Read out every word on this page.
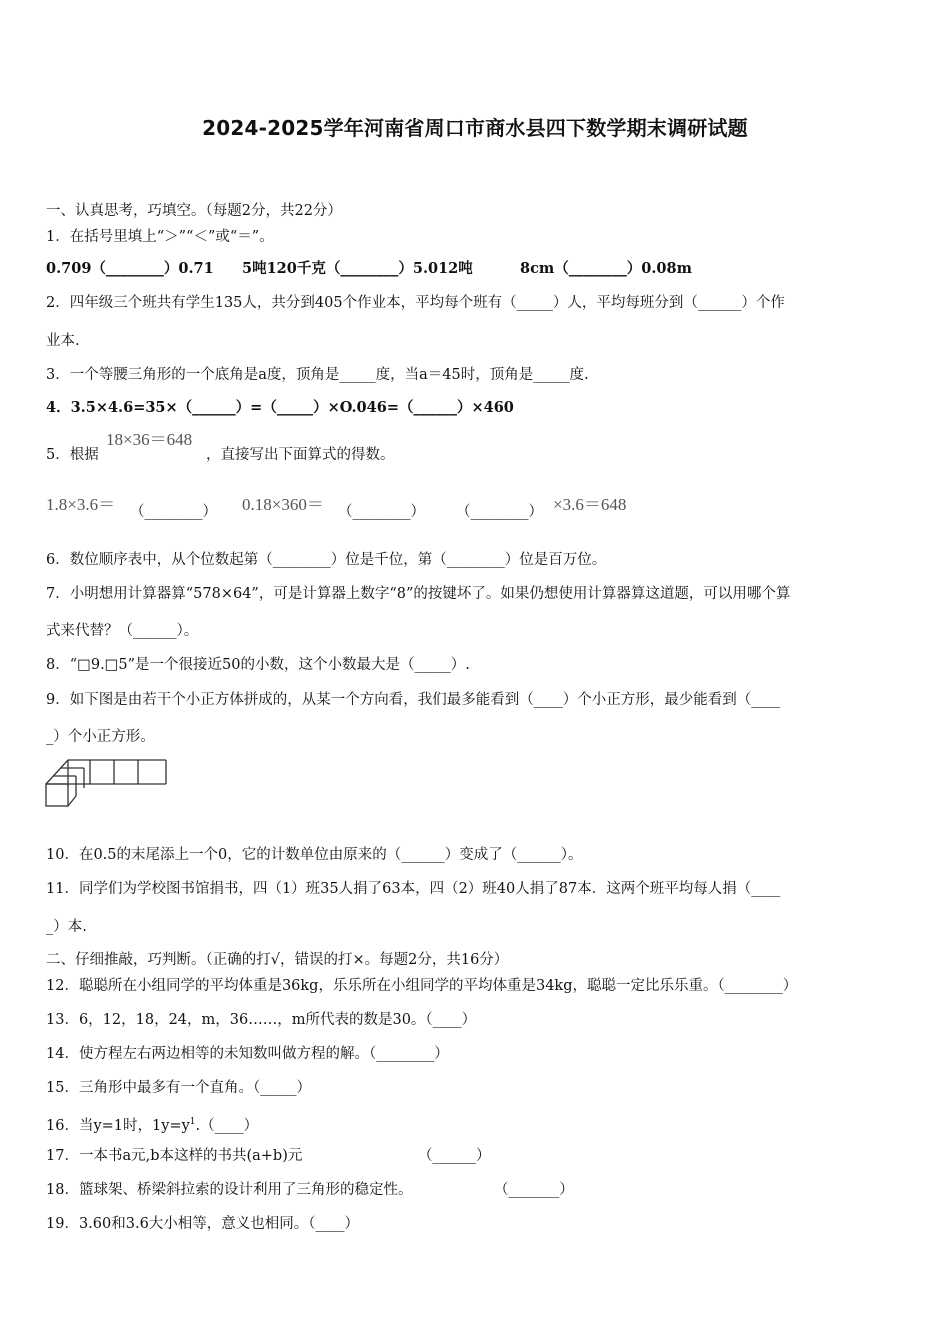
2024-2025学年河南省周口市商水县四下数学期末调研试题
一、认真思考，巧填空。（每题2分，共22分）
1．在括号里填上“＞”“＜”或“＝”。
0.709（________）0.71 5吨120千克（________）5.012吨	8cm（________）0.08m
2．四年级三个班共有学生135人，共分到405个作业本，平均每个班有（_____）人，平均每班分到（______）个作
业本.
3．一个等腰三角形的一个底角是a度，顶角是_____度，当a＝45时，顶角是_____度.
4．3.5×4.6=35×（______）=（_____）×O.046=（______）×460
5．根据
18×36＝648
，直接写出下面算式的得数。
1.8×3.6＝ （________） 0.18×360＝ （________） （________） ×3.6＝648
6．数位顺序表中，从个位数起第（________）位是千位，第（________）位是百万位。
7．小明想用计算器算“578×64”，可是计算器上数字“8”的按键坏了。如果仍想使用计算器算这道题，可以用哪个算
式来代替？（______）。
8．“□9.□5”是一个很接近50的小数，这个小数最大是（_____）.
9．如下图是由若干个小正方体拼成的，从某一个方向看，我们最多能看到（____）个小正方形，最少能看到（____
_）个小正方形。
10．在0.5的末尾添上一个0，它的计数单位由原来的（______）变成了（______）。
11．同学们为学校图书馆捐书，四（1）班35人捐了63本，四（2）班40人捐了87本．这两个班平均每人捐（____
_）本.
二、仔细推敲，巧判断。（正确的打√，错误的打×。每题2分，共16分）
12．聪聪所在小组同学的平均体重是36kg，乐乐所在小组同学的平均体重是34kg，聪聪一定比乐乐重。（________）
13．6，12，18，24，m，36……，m所代表的数是30。（____）
14．使方程左右两边相等的未知数叫做方程的解。（________）
15．三角形中最多有一个直角。（_____）
16．当y=1时，$1y=y^1.(\_\_\_\_)$
17．一本书a元,b本这样的书共(a+b)元	（______）
18．篮球架、桥梁斜拉索的设计利用了三角形的稳定性。	（_______）
19．3.60和3.6大小相等，意义也相同。（____）
